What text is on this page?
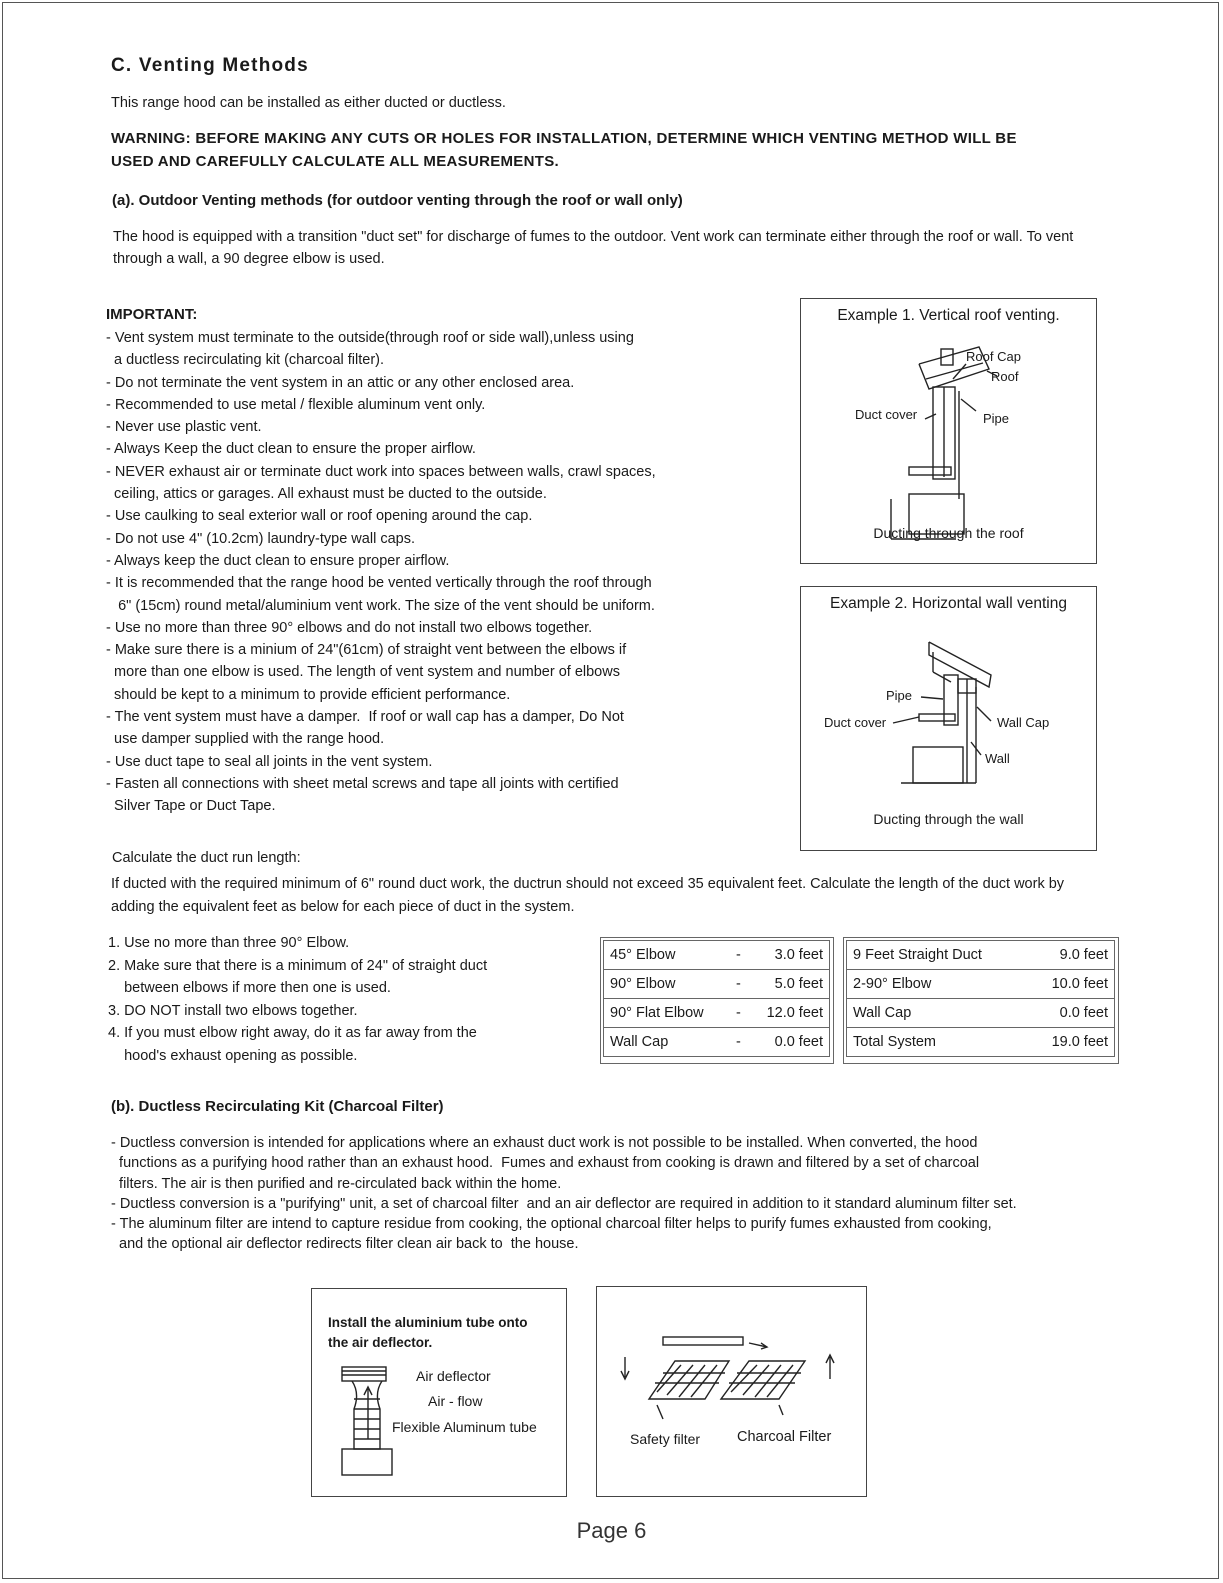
C. Venting Methods
This range hood can be installed as either ducted or ductless.
WARNING: BEFORE MAKING ANY CUTS OR HOLES FOR INSTALLATION, DETERMINE WHICH VENTING METHOD WILL BE
USED AND CAREFULLY CALCULATE ALL MEASUREMENTS.
(a). Outdoor Venting methods (for outdoor venting through the roof or wall only)
The hood is equipped with a transition "duct set" for discharge of fumes to the outdoor. Vent work can terminate either through the roof or wall. To vent through a wall, a 90 degree elbow is used.
IMPORTANT:
- Vent system must terminate to the outside(through roof or side wall),unless using
a ductless recirculating kit (charcoal filter).
- Do not terminate the vent system in an attic or any other enclosed area.
- Recommended to use metal / flexible aluminum vent only.
- Never use plastic vent.
- Always Keep the duct clean to ensure the proper airflow.
- NEVER exhaust air or terminate duct work into spaces between walls, crawl spaces,
ceiling, attics or garages. All exhaust must be ducted to the outside.
- Use caulking to seal exterior wall or roof opening around the cap.
- Do not use 4" (10.2cm) laundry-type wall caps.
- Always keep the duct clean to ensure proper airflow.
- It is recommended that the range hood be vented vertically through the roof through
6" (15cm) round metal/aluminium vent work. The size of the vent should be uniform.
- Use no more than three 90° elbows and do not install two elbows together.
- Make sure there is a minium of 24"(61cm) of straight vent between the elbows if
more than one elbow is used. The length of vent system and number of elbows
should be kept to a minimum to provide efficient performance.
- The vent system must have a damper.  If roof or wall cap has a damper, Do Not
use damper supplied with the range hood.
- Use duct tape to seal all joints in the vent system.
- Fasten all connections with sheet metal screws and tape all joints with certified
Silver Tape or Duct Tape.
Example 1. Vertical roof venting.
Roof Cap
Roof
Duct cover	Pipe
Ducting through the roof
Example 2. Horizontal wall venting
Pipe
Duct cover	Wall Cap
Wall
Ducting through the wall
Calculate the duct run length:
If ducted with the required minimum of 6" round duct work, the ductrun should not exceed 35 equivalent feet. Calculate the length of the duct work by adding the equivalent feet as below for each piece of duct in the system.
1. Use no more than three 90° Elbow.
2. Make sure that there is a minimum of 24" of straight duct
between elbows if more then one is used.
3. DO NOT install two elbows together.
4. If you must elbow right away, do it as far away from the
hood's exhaust opening as possible.
45° Elbow	-	3.0 feet
90° Elbow	-	5.0 feet
90° Flat Elbow	-	12.0 feet
Wall Cap	-	0.0 feet
9 Feet Straight Duct	9.0 feet
2-90° Elbow	10.0 feet
Wall Cap	0.0 feet
Total System	19.0 feet
(b). Ductless Recirculating Kit (Charcoal Filter)
- Ductless conversion is intended for applications where an exhaust duct work is not possible to be installed. When converted, the hood
functions as a purifying hood rather than an exhaust hood.  Fumes and exhaust from cooking is drawn and filtered by a set of charcoal
filters. The air is then purified and re-circulated back within the home.
- Ductless conversion is a "purifying" unit, a set of charcoal filter  and an air deflector are required in addition to it standard aluminum filter set.
- The aluminum filter are intend to capture residue from cooking, the optional charcoal filter helps to purify fumes exhausted from cooking,
and the optional air deflector redirects filter clean air back to  the house.
Install the aluminium tube onto
the air deflector.
Air deflector
Air - flow
Flexible Aluminum tube
Safety filter	Charcoal Filter
Page 6
